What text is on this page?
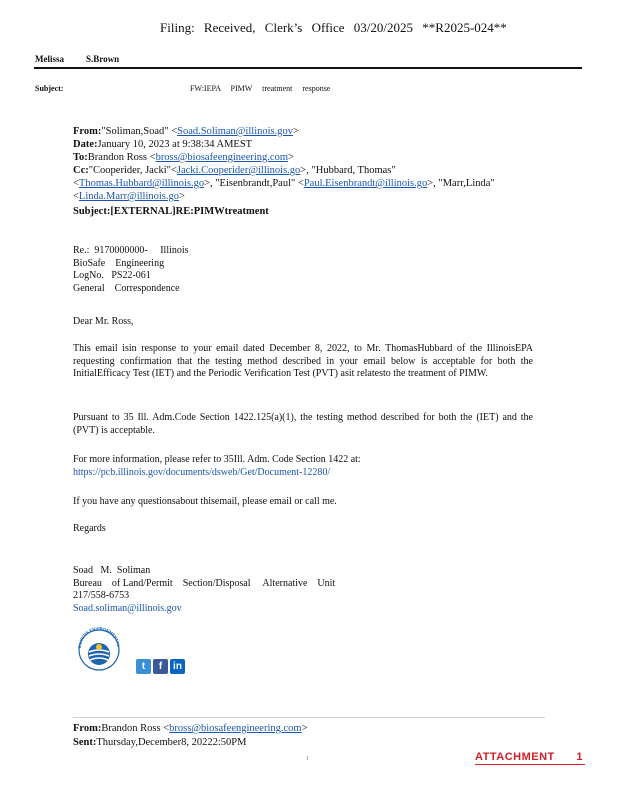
Filing: Received, Clerk’s Office 03/20/2025 **R2025-024**
Melissa S.Brown
Subject:	FW:IEPA PIMW treatment response
From:"Soliman,Soad" <Soad.Soliman@illinois.gov>
Date:January 10, 2023 at 9:38:34 AMEST
To:Brandon Ross <bross@biosafeengineering.com>
Cc:"Cooperider, Jacki"<Jacki.Cooperider@illinois.go>, "Hubbard, Thomas"
<Thomas.Hubbard@illinois.go>, "Eisenbrandt,Paul" <Paul.Eisenbrandt@illinois.go>, "Marr,Linda"
<Linda.Marr@illinois.go>
Subject:[EXTERNAL]RE:PIMWtreatment

Re.:  9170000000-     Illinois

BioSafe    Engineering

LogNo.   PS22-061

General    Correspondence

Dear Mr. Ross,
This email isin response to your email dated December 8, 2022, to Mr. ThomasHubbard of the IllinoisEPA requesting confirmation that the testing method described in your email below is acceptable for both the InitialEfficacy Test (IET) and the Periodic Verification Test (PVT) asit relatesto the treatment of PIMW.
Pursuant to 35 Ill. Adm.Code Section 1422.125(a)(1), the testing method described for both the (IET) and the (PVT) is acceptable.

For more information, please refer to 35Ill. Adm. Code Section 1422 at:

https://pcb.illinois.gov/documents/dsweb/Get/Document-12280/

If you have any questionsabout thisemail, please email or call me.
Regards

Soad   M.  Soliman

Bureau    of Land/Permit    Section/Disposal     Alternative    Unit

217/558-6753

Soad.soliman@illinois.gov

ILLINOIS ENVIRONMENTAL
t	f	in
From:Brandon Ross <bross@biosafeengineering.com>
Sent:Thursday,December8, 20222:50PM
1	ATTACHMENT 1
